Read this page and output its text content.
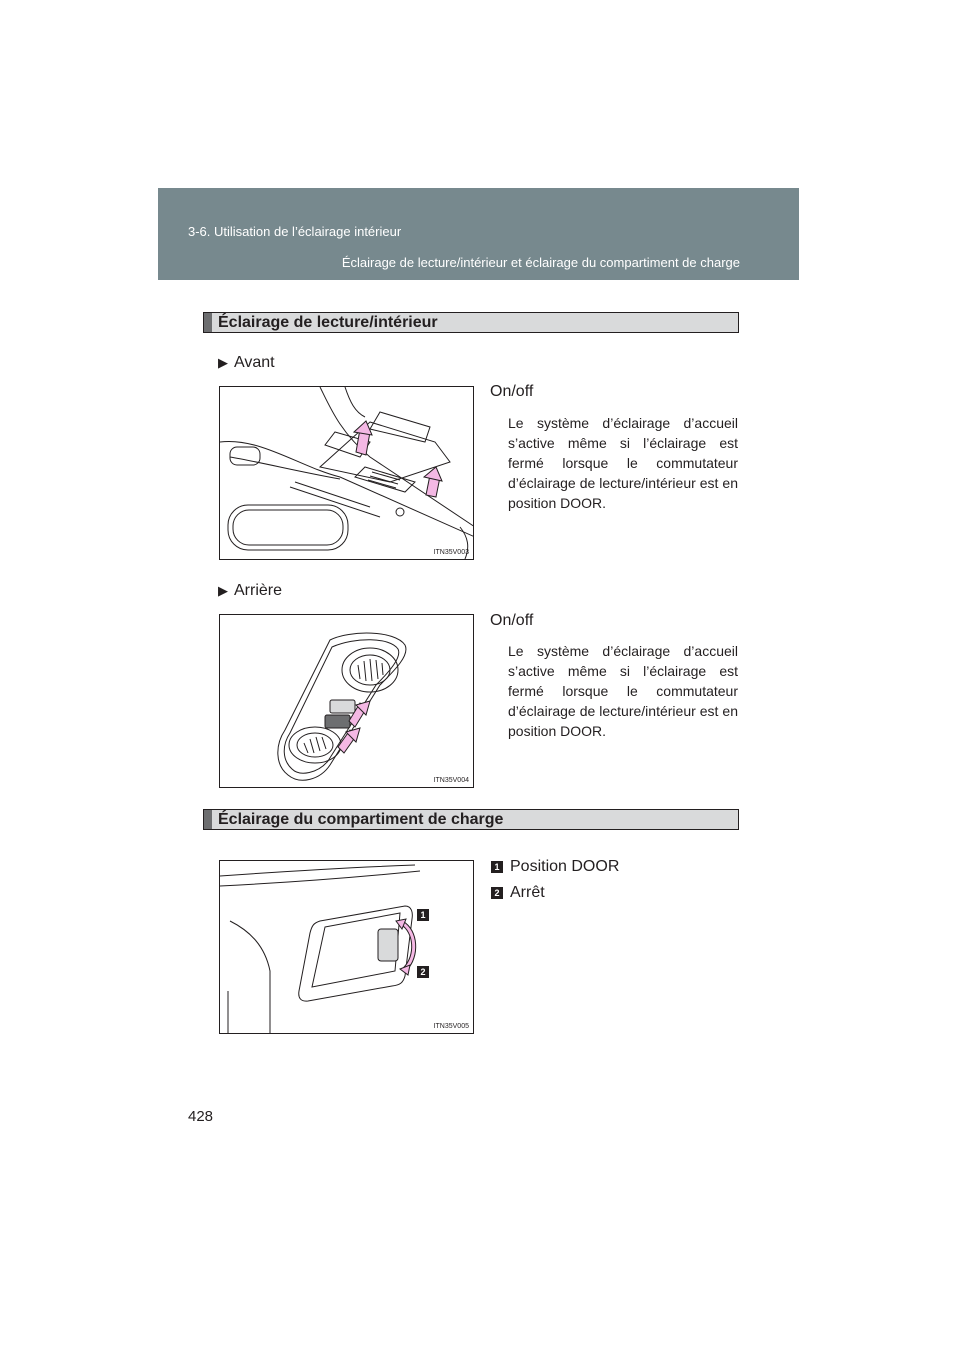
3-6. Utilisation de l’éclairage intérieur
Éclairage de lecture/intérieur et éclairage du compartiment de charge
Éclairage de lecture/intérieur
▶ Avant
ITN35V003
On/off
Le système d’éclairage d’accueil s’active même si l’éclairage est fermé lorsque le commutateur d’éclairage de lecture/intérieur est en position DOOR.
▶ Arrière
ITN35V004
On/off
Le système d’éclairage d’accueil s’active même si l’éclairage est fermé lorsque le commutateur d’éclairage de lecture/intérieur est en position DOOR.
Éclairage du compartiment de charge
1
2
ITN35V005
1 Position DOOR
2 Arrêt
428
